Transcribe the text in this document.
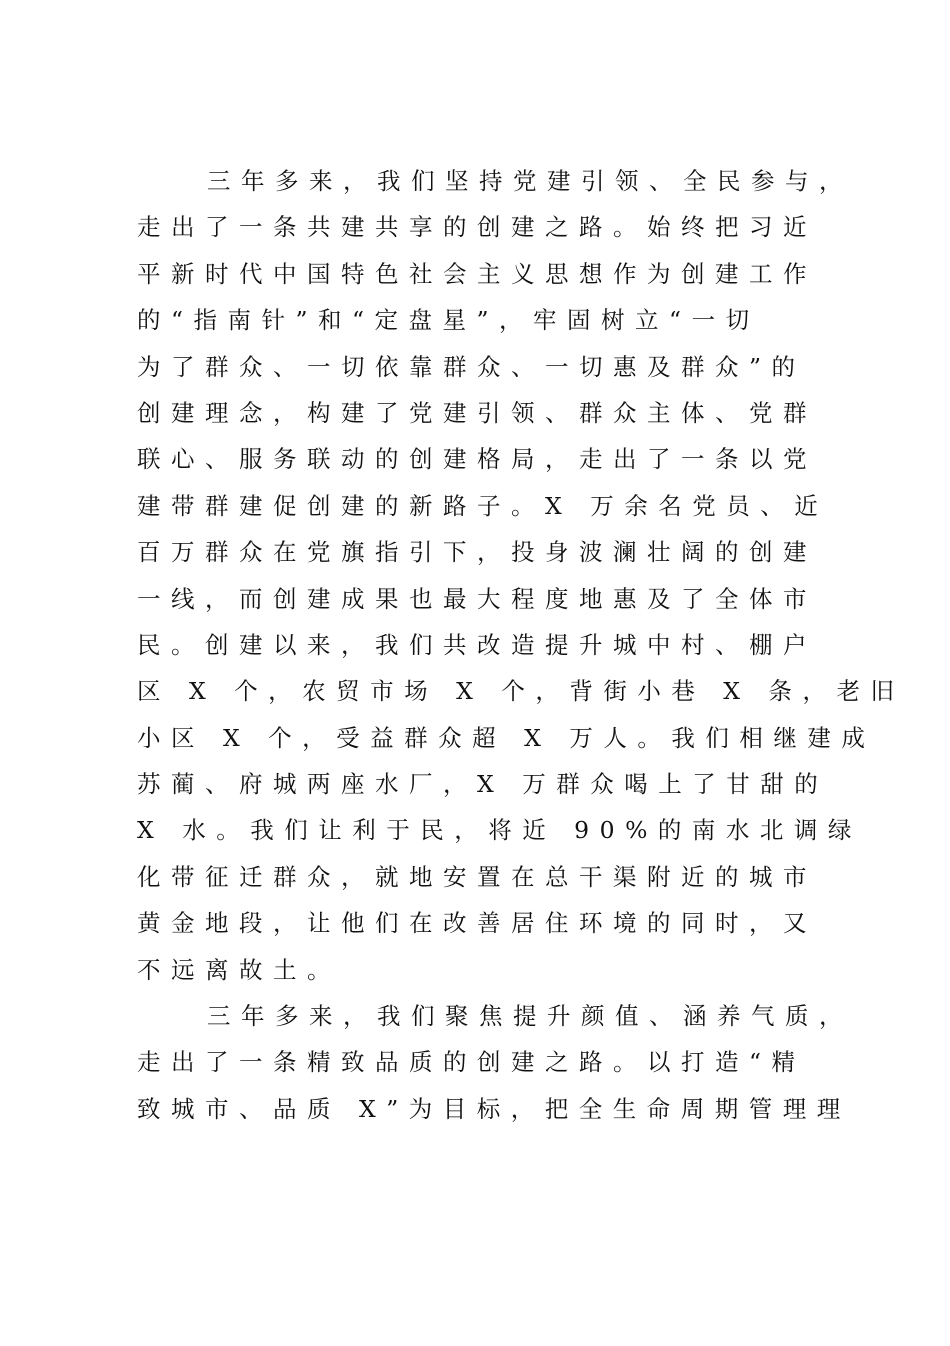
三年多来，我们坚持党建引领、全民参与，
走出了一条共建共享的创建之路。始终把习近
平新时代中国特色社会主义思想作为创建工作
的“指南针”和“定盘星”，牢固树立“一切
为了群众、一切依靠群众、一切惠及群众”的
创建理念，构建了党建引领、群众主体、党群
联心、服务联动的创建格局，走出了一条以党
建带群建促创建的新路子。X 万余名党员、近
百万群众在党旗指引下，投身波澜壮阔的创建
一线，而创建成果也最大程度地惠及了全体市
民。创建以来，我们共改造提升城中村、棚户
区 X 个，农贸市场 X 个，背街小巷 X 条，老旧
小区 X 个，受益群众超 X 万人。我们相继建成
苏蔺、府城两座水厂，X 万群众喝上了甘甜的
X 水。我们让利于民，将近 90%的南水北调绿
化带征迁群众，就地安置在总干渠附近的城市
黄金地段，让他们在改善居住环境的同时，又
不远离故土。
三年多来，我们聚焦提升颜值、涵养气质，
走出了一条精致品质的创建之路。以打造“精
致城市、品质 X”为目标，把全生命周期管理理
